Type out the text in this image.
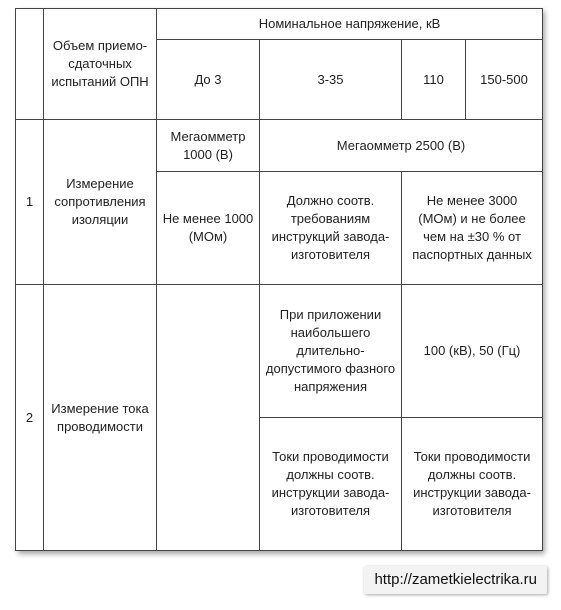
	Объем приемо-сдаточных испытаний ОПН	Номинальное напряжение, кВ			
		До 3	3-35	110	150-500
1	Измерение сопротивления изоляции	Мегаомметр 1000 (В)	Мегаомметр 2500 (В)		
		Не менее 1000 (МОм)	Должно соотв. требованиям инструкций завода-изготовителя	Не менее 3000 (МОм) и не более чем на ±30 % от паспортных данных	
2	Измерение тока проводимости		При приложении наибольшего длительно-допустимого фазного напряжения	100 (кВ), 50 (Гц)	
			Токи проводимости должны соотв. инструкции завода-изготовителя	Токи проводимости должны соотв. инструкции завода-изготовителя	
http://zametkielectrika.ru
